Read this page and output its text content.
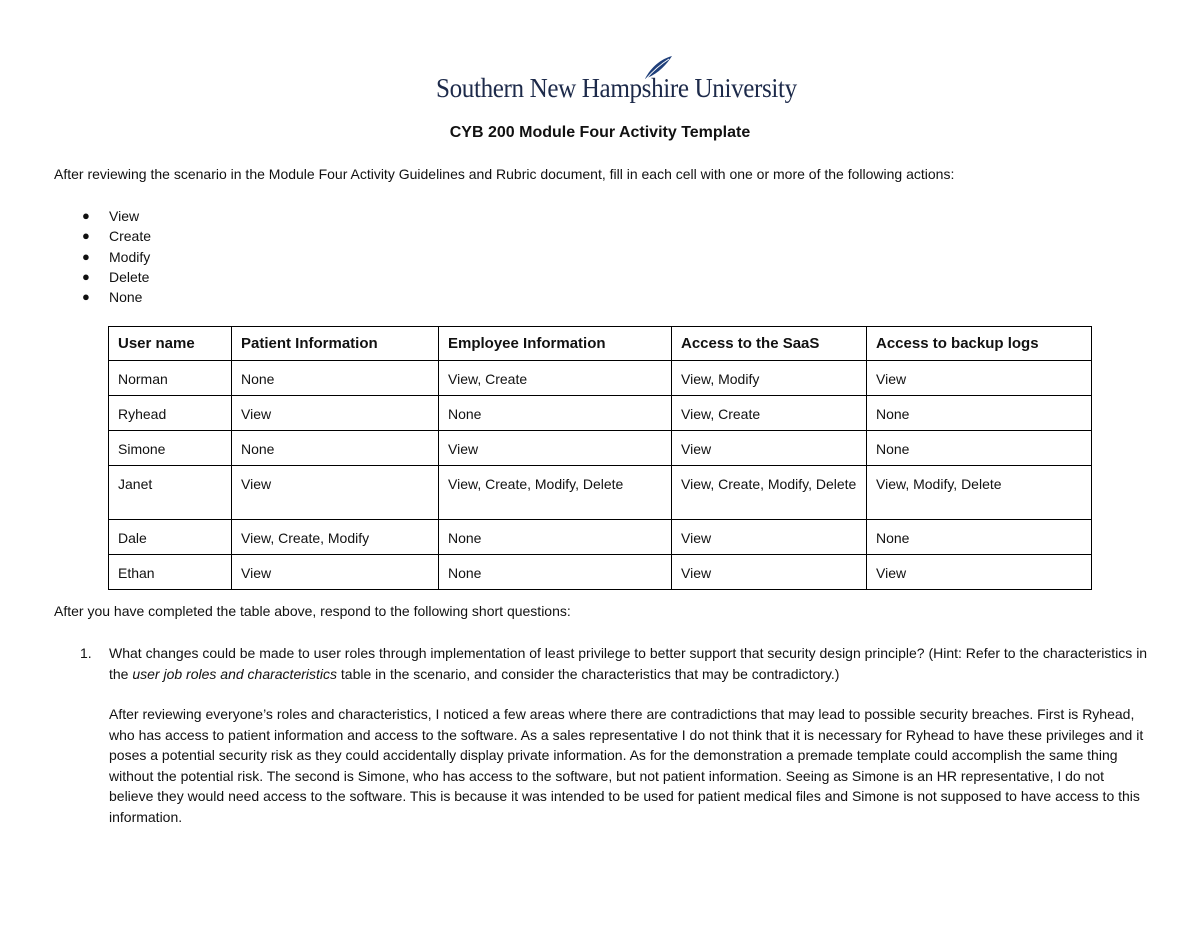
Southern New Hampshire University
CYB 200 Module Four Activity Template
After reviewing the scenario in the Module Four Activity Guidelines and Rubric document, fill in each cell with one or more of the following actions:
● View
● Create
● Modify
● Delete
● None
User name	Patient Information	Employee Information	Access to the SaaS	Access to backup logs
Norman	None	View, Create	View, Modify	View
Ryhead	View	None	View, Create	None
Simone	None	View	View	None
Janet	View	View, Create, Modify, Delete	View, Create, Modify, Delete	View, Modify, Delete
Dale	View, Create, Modify	None	View	None
Ethan	View	None	View	View
After you have completed the table above, respond to the following short questions:
1. What changes could be made to user roles through implementation of least privilege to better support that security design principle? (Hint: Refer to the characteristics in the user job roles and characteristics table in the scenario, and consider the characteristics that may be contradictory.)
After reviewing everyone’s roles and characteristics, I noticed a few areas where there are contradictions that may lead to possible security breaches. First is Ryhead, who has access to patient information and access to the software. As a sales representative I do not think that it is necessary for Ryhead to have these privileges and it poses a potential security risk as they could accidentally display private information. As for the demonstration a premade template could accomplish the same thing without the potential risk. The second is Simone, who has access to the software, but not patient information. Seeing as Simone is an HR representative, I do not believe they would need access to the software. This is because it was intended to be used for patient medical files and Simone is not supposed to have access to this information.
